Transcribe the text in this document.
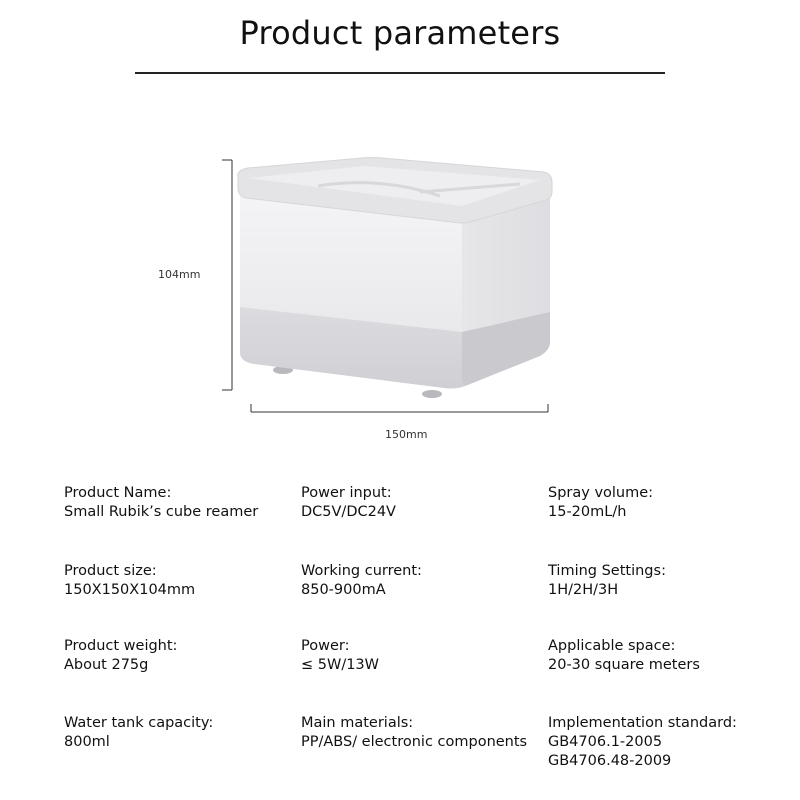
Product parameters
104mm
150mm
Product Name:
Small Rubik’s cube reamer
Power input:
DC5V/DC24V
Spray volume:
15-20mL/h
Product size:
150X150X104mm
Working current:
850-900mA
Timing Settings:
1H/2H/3H
Product weight:
About 275g
Power:
≤ 5W/13W
Applicable space:
20-30 square meters
Water tank capacity:
800ml
Main materials:
PP/ABS/ electronic components
Implementation standard:
GB4706.1-2005
GB4706.48-2009
